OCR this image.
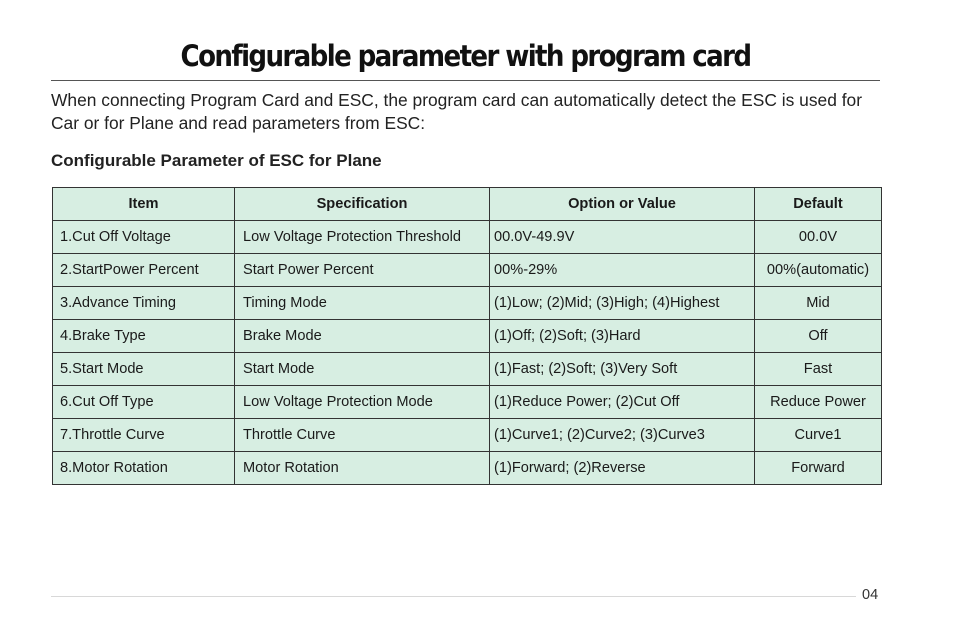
Configurable parameter with program card
When connecting Program Card and ESC, the program card can automatically detect the ESC is used for Car or for Plane and read parameters from ESC:
Configurable Parameter of ESC for Plane
Item	Specification	Option or Value	Default
1.Cut Off Voltage	Low Voltage Protection Threshold	00.0V-49.9V	00.0V
2.StartPower Percent	Start Power Percent	00%-29%	00%(automatic)
3.Advance Timing	Timing Mode	(1)Low; (2)Mid; (3)High; (4)Highest	Mid
4.Brake Type	Brake Mode	(1)Off; (2)Soft; (3)Hard	Off
5.Start Mode	Start Mode	(1)Fast; (2)Soft; (3)Very Soft	Fast
6.Cut Off Type	Low Voltage Protection Mode	(1)Reduce Power; (2)Cut Off	Reduce Power
7.Throttle Curve	Throttle Curve	(1)Curve1; (2)Curve2; (3)Curve3	Curve1
8.Motor Rotation	Motor Rotation	(1)Forward; (2)Reverse	Forward
04
